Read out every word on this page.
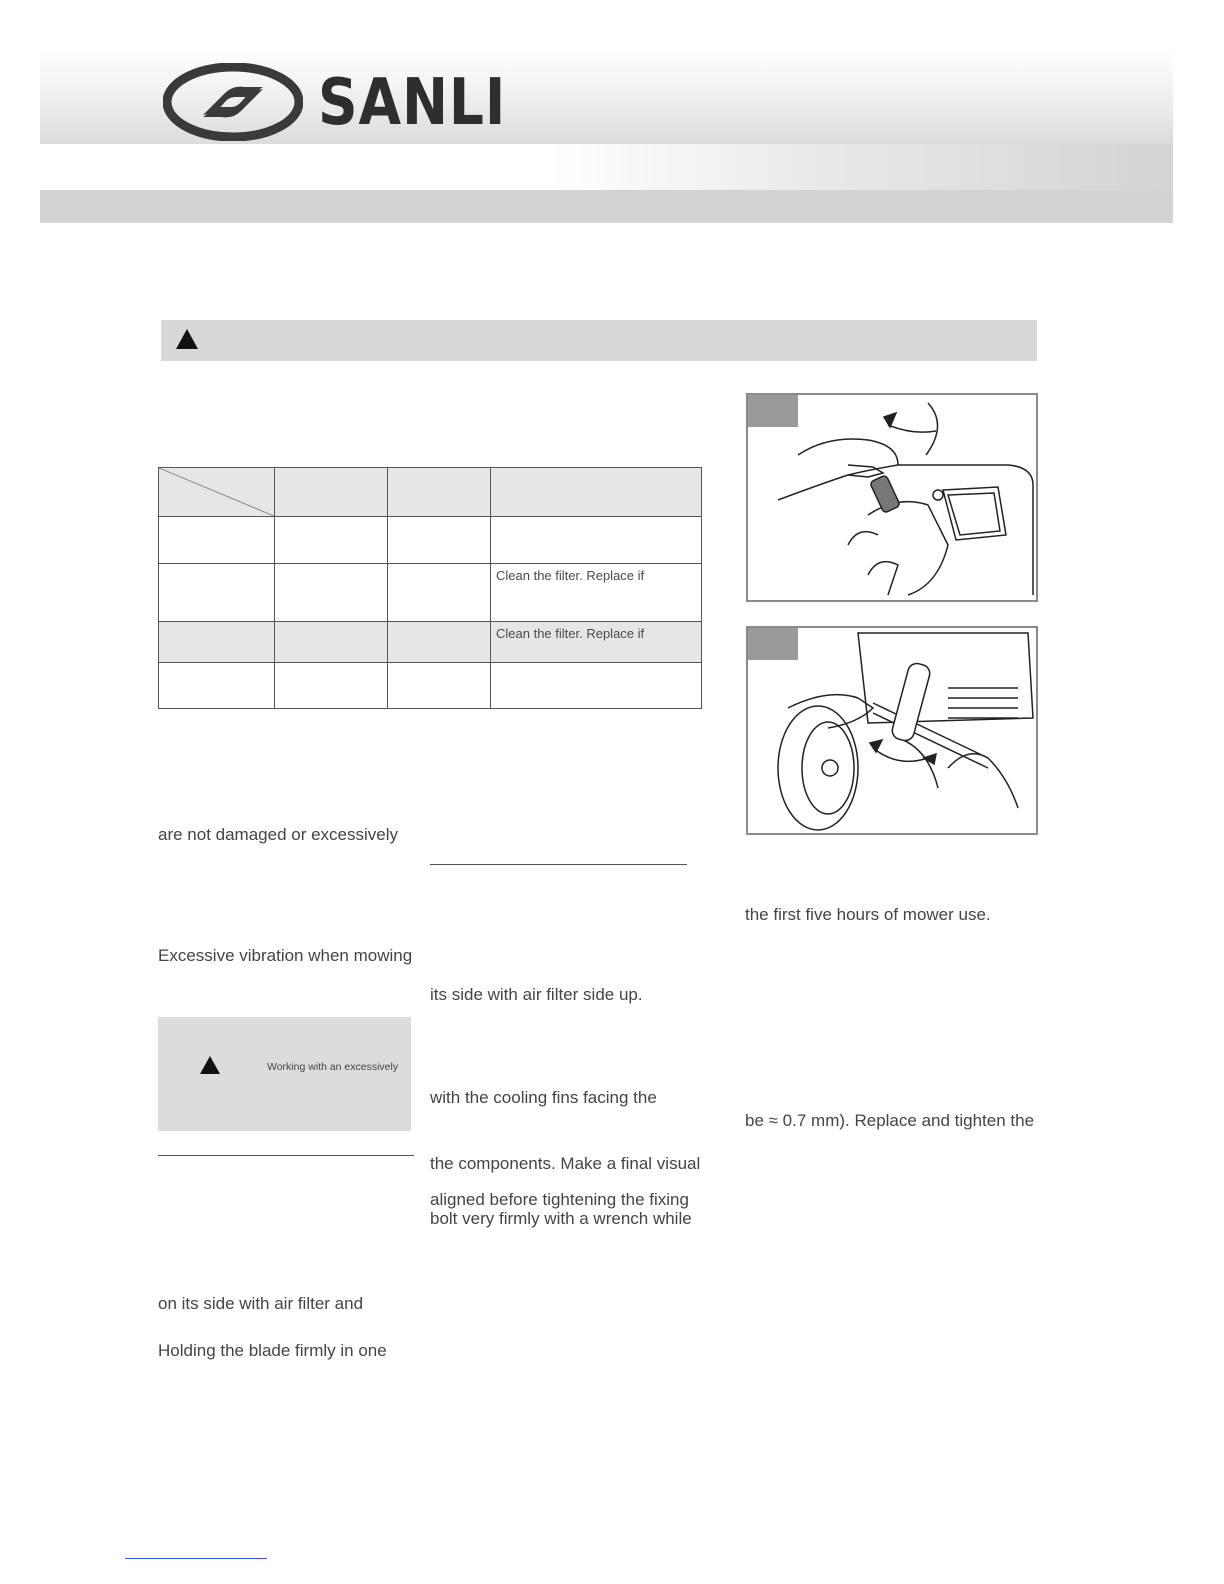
SANLI

			Clean the filter. Replace if

			Clean the filter. Replace if

are not damaged or excessively
Excessive vibration when mowing
Working with an excessively
on its side with air filter and
Holding the blade firmly in one
its side with air filter side up.
with the cooling fins facing the
the components. Make a final visual
aligned before tightening the fixing
bolt very firmly with a wrench while
the first five hours of mower use.
be ≈ 0.7 mm). Replace and tighten the
